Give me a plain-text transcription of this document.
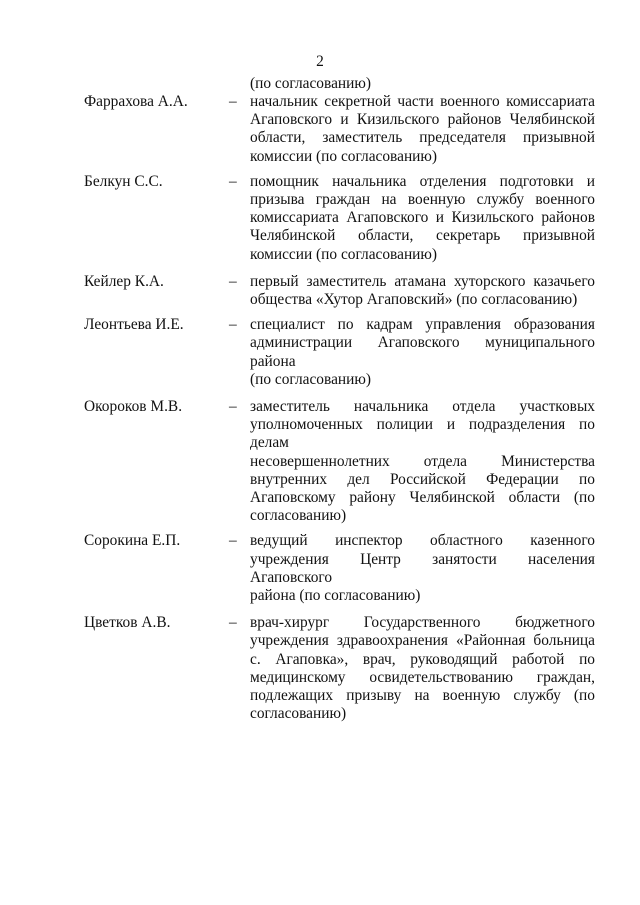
2
(по согласованию)
Фаррахова А.А.	– начальник секретной части военного комиссариата
Агаповского и Кизильского районов Челябинской
области, заместитель председателя призывной
комиссии (по согласованию)
Белкун С.С.	– помощник начальника отделения подготовки и
призыва граждан на военную службу военного
комиссариата Агаповского и Кизильского районов
Челябинской области, секретарь призывной
комиссии (по согласованию)
Кейлер К.А.	– первый заместитель атамана хуторского казачьего
общества «Хутор Агаповский» (по согласованию)
Леонтьева И.Е.	– специалист по кадрам управления образования
администрации Агаповского муниципального района
(по согласованию)
Окороков М.В.	– заместитель начальника отдела участковых
уполномоченных полиции и подразделения по делам
несовершеннолетних отдела Министерства
внутренних дел Российской Федерации по
Агаповскому району Челябинской области (по
согласованию)
Сорокина Е.П.	– ведущий инспектор областного казенного
учреждения Центр занятости населения Агаповского
района (по согласованию)
Цветков А.В.	– врач-хирург Государственного бюджетного
учреждения здравоохранения «Районная больница
с. Агаповка», врач, руководящий работой по
медицинскому освидетельствованию граждан,
подлежащих призыву на военную службу (по
согласованию)
